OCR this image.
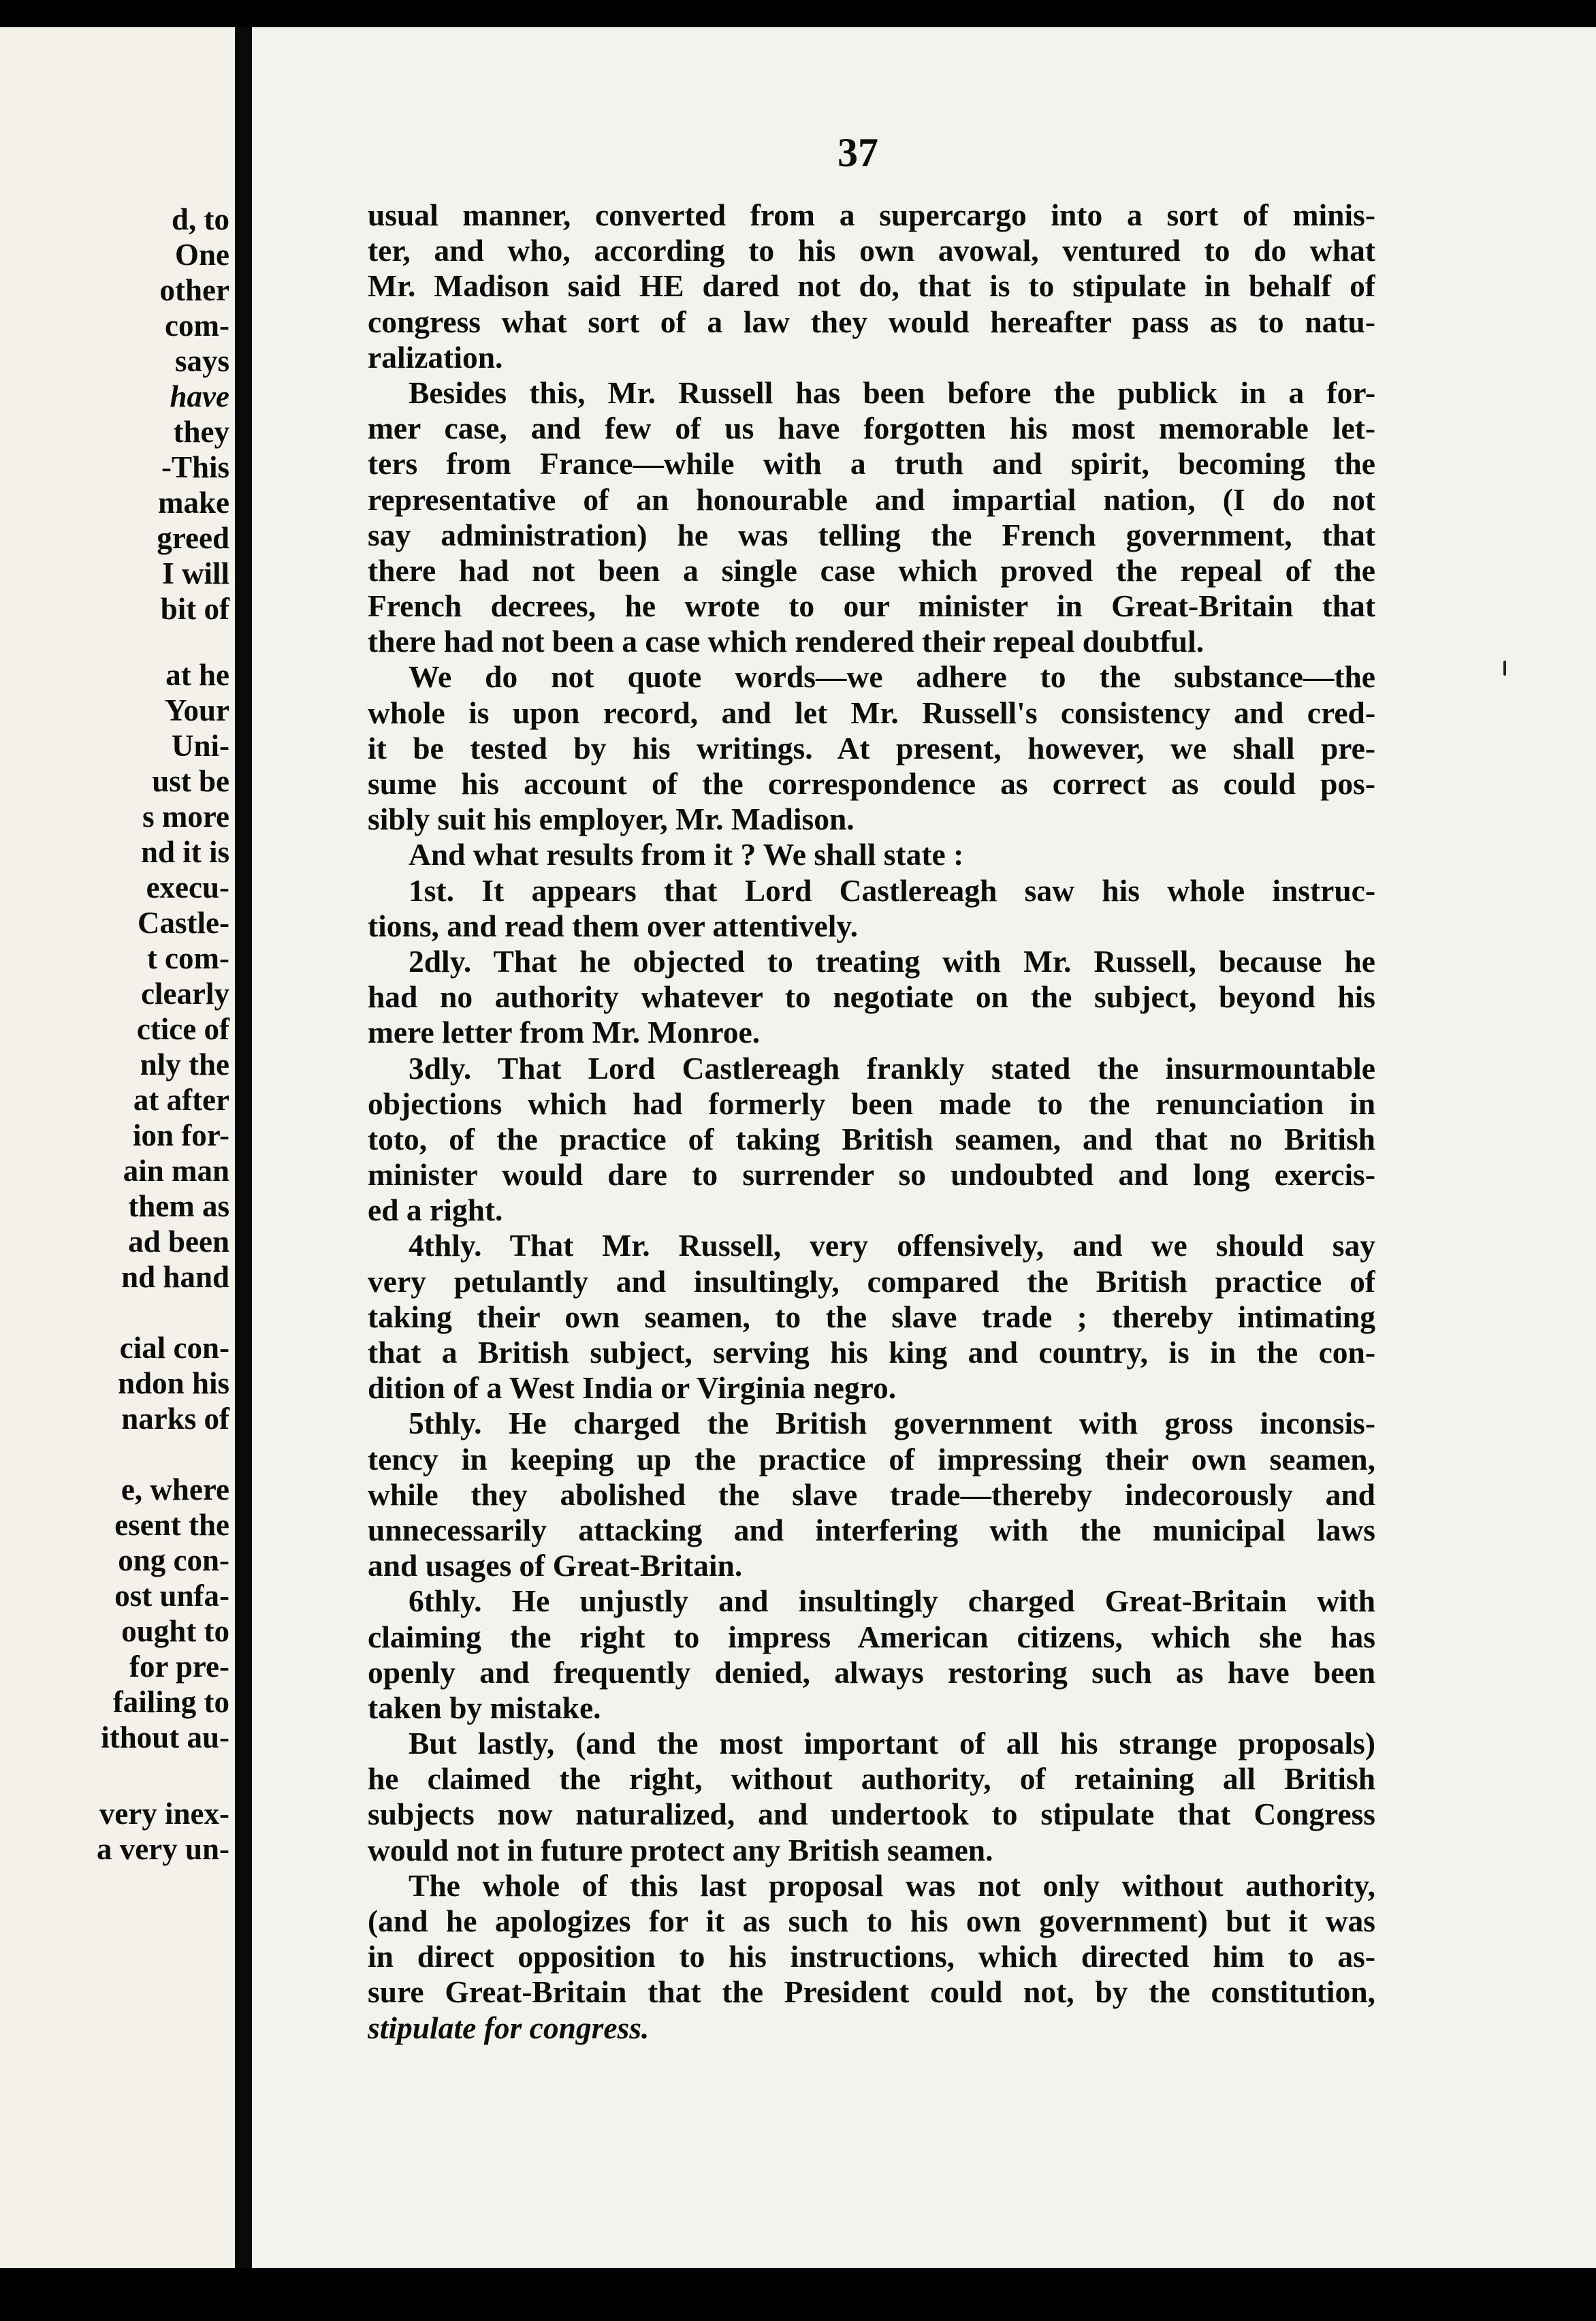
d, to
One
other
com-
says
have
they
-This
make
greed
I will
bit of
at he
Your
Uni-
ust be
s more
nd it is
execu-
Castle-
t com-
clearly
ctice of
nly the
at after
ion for-
ain man
them as
ad been
nd hand
cial con-
ndon his
narks of
e, where
esent the
ong con-
ost unfa-
ought to
for pre-
failing to
ithout au-
very inex-
a very un-
37
usual manner, converted from a supercargo into a sort of minis-
ter, and who, according to his own avowal, ventured to do what
Mr. Madison said HE dared not do, that is to stipulate in behalf of
congress what sort of a law they would hereafter pass as to natu-
ralization.
Besides this, Mr. Russell has been before the publick in a for-
mer case, and few of us have forgotten his most memorable let-
ters from France—while with a truth and spirit, becoming the
representative of an honourable and impartial nation, (I do not
say administration) he was telling the French government, that
there had not been a single case which proved the repeal of the
French decrees, he wrote to our minister in Great-Britain that
there had not been a case which rendered their repeal doubtful.
We do not quote words—we adhere to the substance—the
whole is upon record, and let Mr. Russell's consistency and cred-
it be tested by his writings. At present, however, we shall pre-
sume his account of the correspondence as correct as could pos-
sibly suit his employer, Mr. Madison.
And what results from it ? We shall state :
1st. It appears that Lord Castlereagh saw his whole instruc-
tions, and read them over attentively.
2dly. That he objected to treating with Mr. Russell, because he
had no authority whatever to negotiate on the subject, beyond his
mere letter from Mr. Monroe.
3dly. That Lord Castlereagh frankly stated the insurmountable
objections which had formerly been made to the renunciation in
toto, of the practice of taking British seamen, and that no British
minister would dare to surrender so undoubted and long exercis-
ed a right.
4thly. That Mr. Russell, very offensively, and we should say
very petulantly and insultingly, compared the British practice of
taking their own seamen, to the slave trade ; thereby intimating
that a British subject, serving his king and country, is in the con-
dition of a West India or Virginia negro.
5thly. He charged the British government with gross inconsis-
tency in keeping up the practice of impressing their own seamen,
while they abolished the slave trade—thereby indecorously and
unnecessarily attacking and interfering with the municipal laws
and usages of Great-Britain.
6thly. He unjustly and insultingly charged Great-Britain with
claiming the right to impress American citizens, which she has
openly and frequently denied, always restoring such as have been
taken by mistake.
But lastly, (and the most important of all his strange proposals)
he claimed the right, without authority, of retaining all British
subjects now naturalized, and undertook to stipulate that Congress
would not in future protect any British seamen.
The whole of this last proposal was not only without authority,
(and he apologizes for it as such to his own government) but it was
in direct opposition to his instructions, which directed him to as-
sure Great-Britain that the President could not, by the constitution,
stipulate for congress.
